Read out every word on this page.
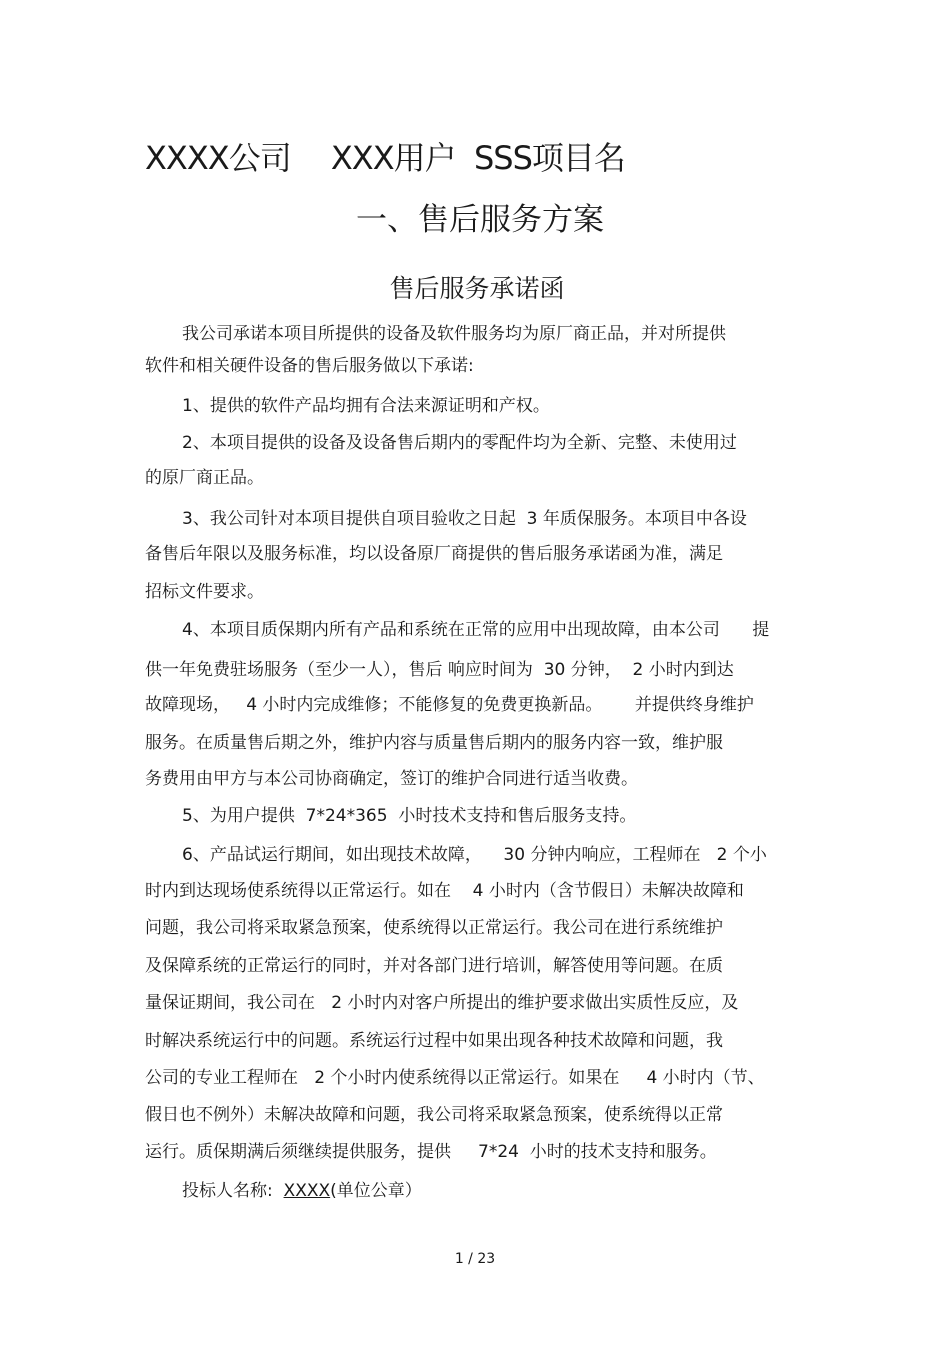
XXXX公司　 XXX用户  SSS项目名
一、售后服务方案
售后服务承诺函
我公司承诺本项目所提供的设备及软件服务均为原厂商正品，并对所提供
软件和相关硬件设备的售后服务做以下承诺:
1、提供的软件产品均拥有合法来源证明和产权。
2、本项目提供的设备及设备售后期内的零配件均为全新、完整、未使用过
的原厂商正品。
3、我公司针对本项目提供自项目验收之日起  3 年质保服务。本项目中各设
备售后年限以及服务标准，均以设备原厂商提供的售后服务承诺函为准，满足
招标文件要求。
4、本项目质保期内所有产品和系统在正常的应用中出现故障，由本公司      提
供一年免费驻场服务（至少一人），售后 响应时间为  30 分钟，  2 小时内到达
故障现场，   4 小时内完成维修；不能修复的免费更换新品。      并提供终身维护
服务。在质量售后期之外，维护内容与质量售后期内的服务内容一致，维护服
务费用由甲方与本公司协商确定，签订的维护合同进行适当收费。
5、为用户提供  7*24*365  小时技术支持和售后服务支持。
6、产品试运行期间，如出现技术故障，    30 分钟内响应，工程师在   2 个小
时内到达现场使系统得以正常运行。如在    4 小时内（含节假日）未解决故障和
问题，我公司将采取紧急预案，使系统得以正常运行。我公司在进行系统维护
及保障系统的正常运行的同时，并对各部门进行培训，解答使用等问题。在质
量保证期间，我公司在   2 小时内对客户所提出的维护要求做出实质性反应，及
时解决系统运行中的问题。系统运行过程中如果出现各种技术故障和问题，我
公司的专业工程师在   2 个小时内使系统得以正常运行。如果在     4 小时内（节、
假日也不例外）未解决故障和问题，我公司将采取紧急预案，使系统得以正常
运行。质保期满后须继续提供服务，提供     7*24  小时的技术支持和服务。
投标人名称:  XXXX(单位公章）
1 / 23
